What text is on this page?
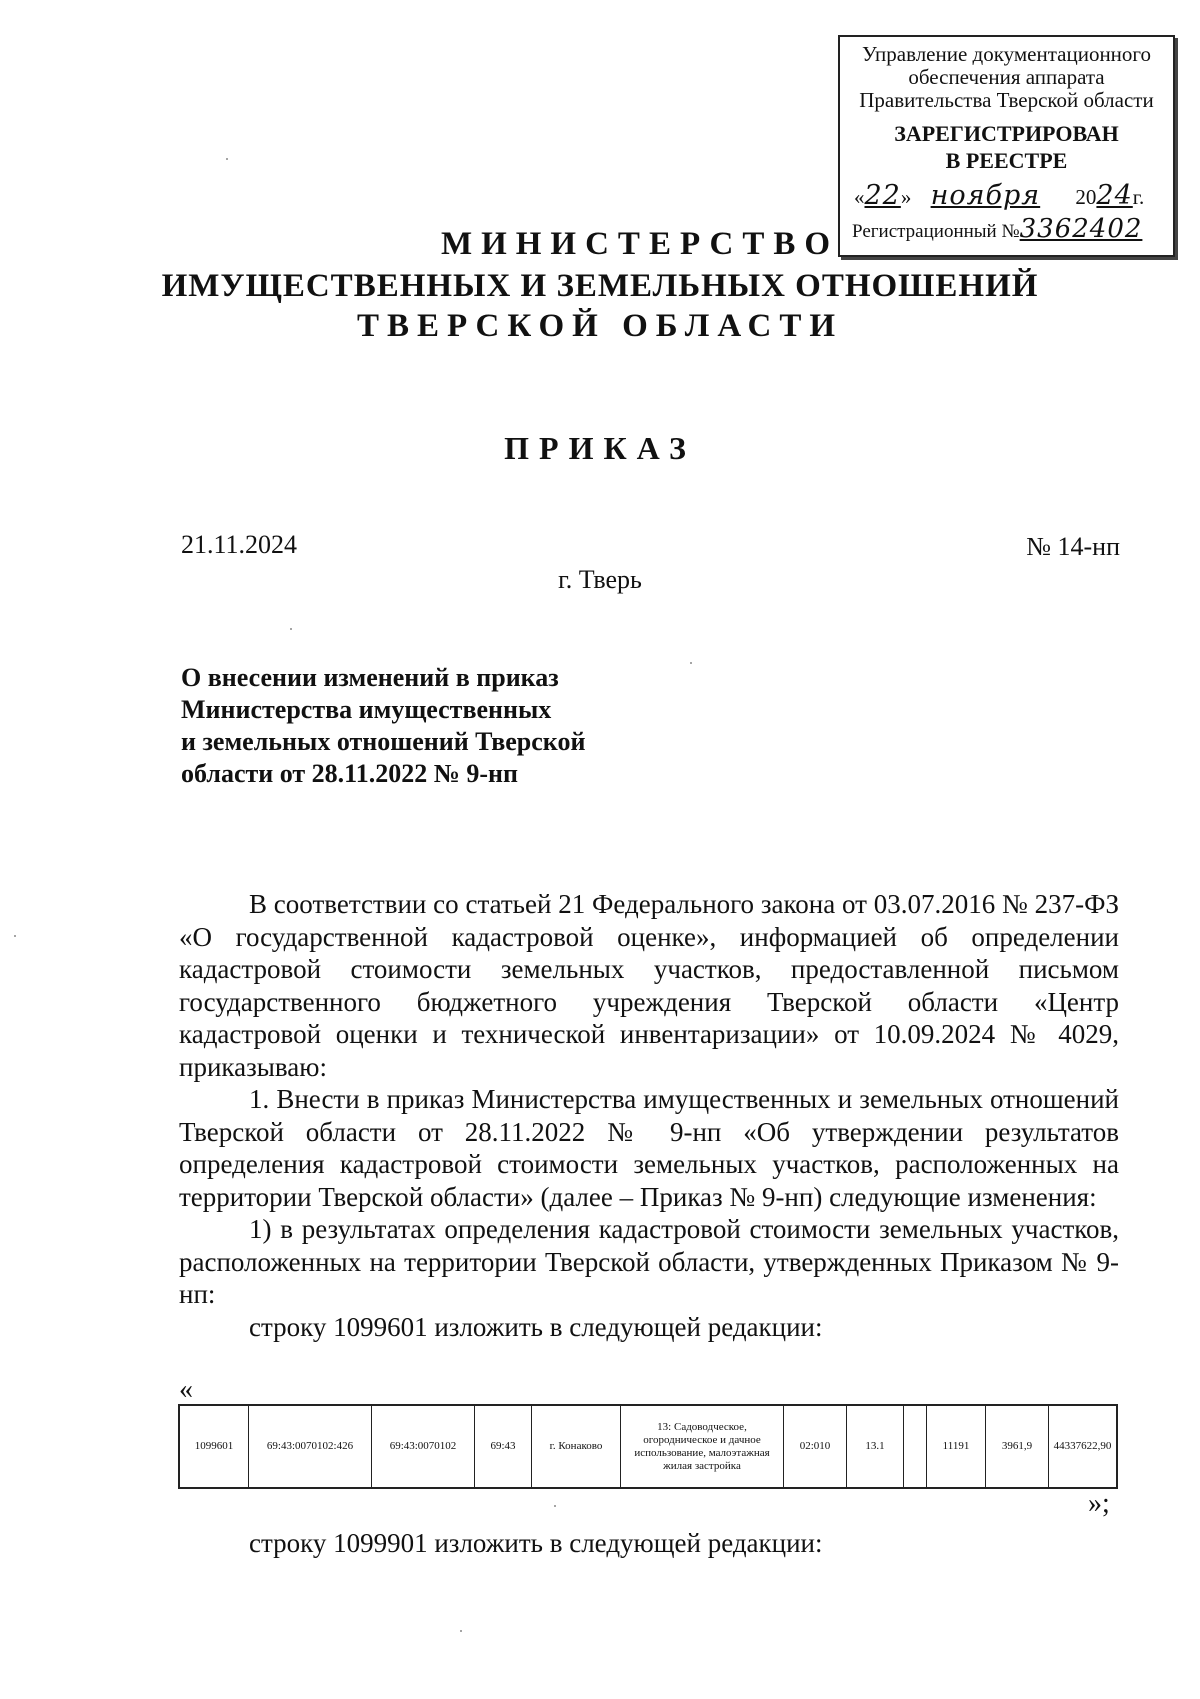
Управление документационного
обеспечения аппарата
Правительства Тверской области
ЗАРЕГИСТРИРОВАН
В РЕЕСТРЕ
«22» ноября 2024г.
Регистрационный №3362402
МИНИСТЕРСТВО
ИМУЩЕСТВЕННЫХ И ЗЕМЕЛЬНЫХ ОТНОШЕНИЙ
ТВЕРСКОЙ ОБЛАСТИ
ПРИКАЗ
21.11.2024	№ 14-нп
г. Тверь
О внесении изменений в приказ
Министерства имущественных
и земельных отношений Тверской
области от 28.11.2022 № 9-нп

В соответствии со статьей 21 Федерального закона от 03.07.2016 № 237-ФЗ «О государственной кадастровой оценке», информацией об определении кадастровой стоимости земельных участков, предоставленной письмом государственного бюджетного учреждения Тверской области «Центр кадастровой оценки и технической инвентаризации» от 10.09.2024 № 4029, приказываю:

1. Внести в приказ Министерства имущественных и земельных отношений Тверской области от 28.11.2022 № 9-нп «Об утверждении результатов определения кадастровой стоимости земельных участков, расположенных на территории Тверской области» (далее – Приказ № 9-нп) следующие изменения:

1) в результатах определения кадастровой стоимости земельных участков, расположенных на территории Тверской области, утвержденных Приказом № 9-нп:

строку 1099601 изложить в следующей редакции:

«
1099601	69:43:0070102:426	69:43:0070102	69:43	г. Конаково	13: Садоводческое, огородническое и дачное использование, малоэтажная жилая застройка	02:010	13.1		11191	3961,9	44337622,90
»;
строку 1099901 изложить в следующей редакции:
